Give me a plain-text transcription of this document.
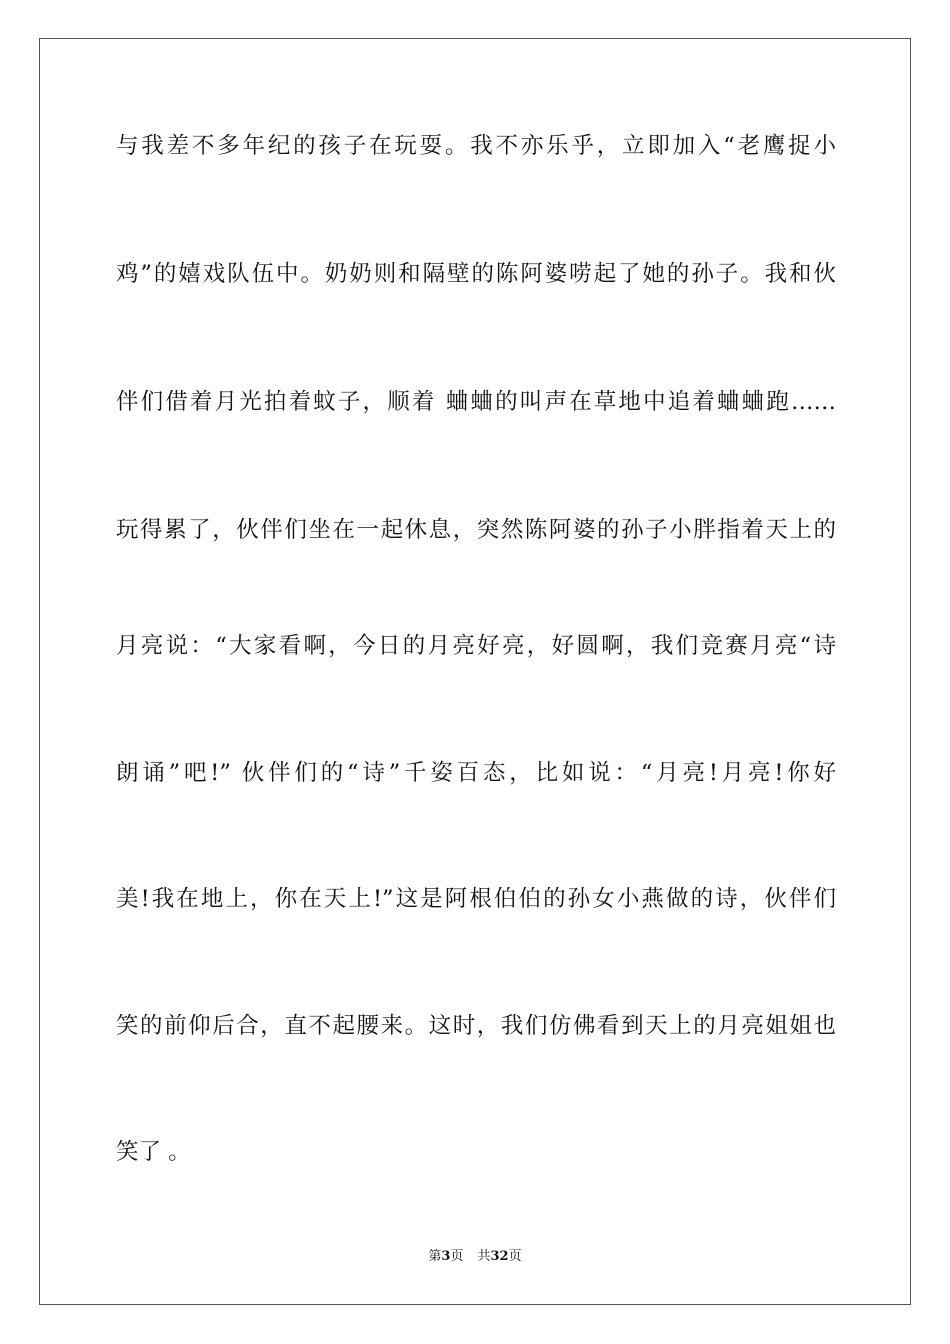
与我差不多年纪的孩子在玩耍。我不亦乐乎，立即加入“老鹰捉小
鸡”的嬉戏队伍中。奶奶则和隔壁的陈阿婆唠起了她的孙子。我和伙
伴们借着月光拍着蚊子，顺着 蛐蛐的叫声在草地中追着蛐蛐跑……
玩得累了，伙伴们坐在一起休息，突然陈阿婆的孙子小胖指着天上的
月亮说：“大家看啊，今日的月亮好亮，好圆啊，我们竞赛月亮“诗
朗诵”吧!” 伙伴们的“诗”千姿百态，比如说：“月亮!月亮!你好
美!我在地上，你在天上!”这是阿根伯伯的孙女小燕做的诗，伙伴们
笑的前仰后合，直不起腰来。这时，我们仿佛看到天上的月亮姐姐也
笑了 。
第3页 共32页
